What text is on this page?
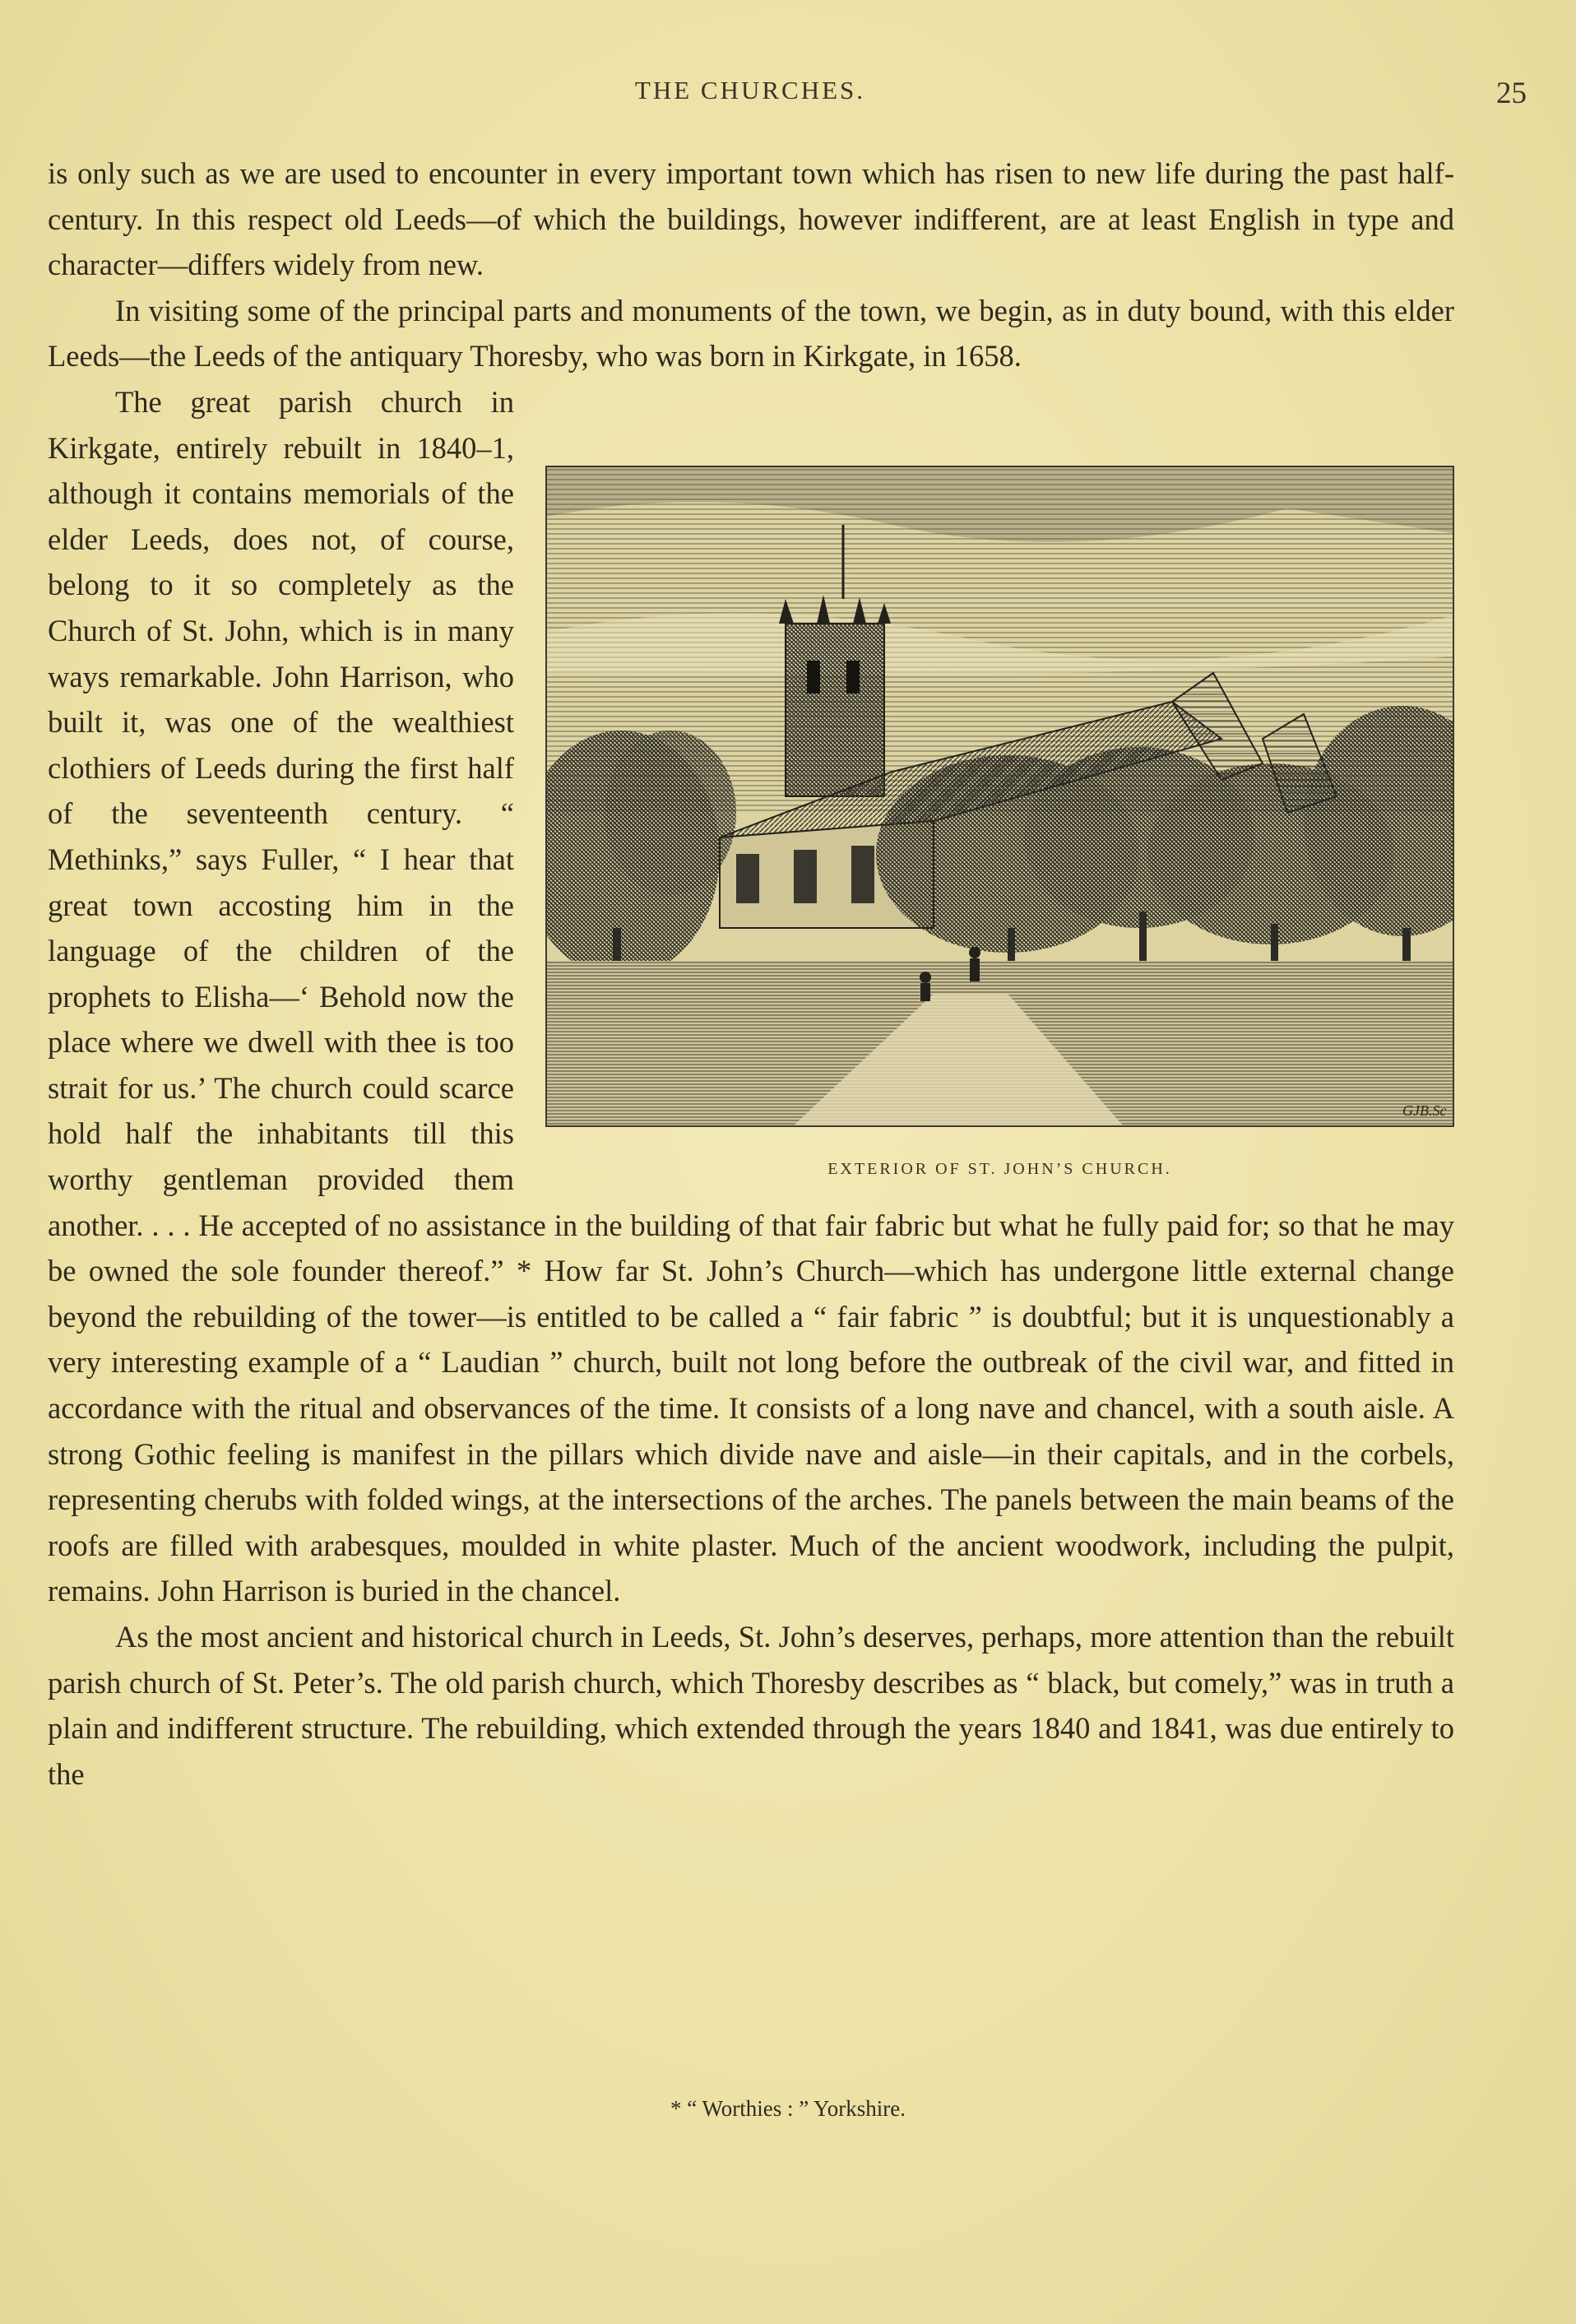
THE CHURCHES.	25

is only such as we are used to encounter in every important town which has risen to new life during the past half-century. In this respect old Leeds—of which the buildings, however indifferent, are at least English in type and character—differs widely from new.

In visiting some of the principal parts and monuments of the town, we begin, as in duty bound, with this elder Leeds—the Leeds of the antiquary Thoresby, who was born in Kirkgate, in 1658.

GJB.Sc
EXTERIOR OF ST. JOHN’S CHURCH.

The great parish church in Kirkgate, entirely rebuilt in 1840–1, although it contains memorials of the elder Leeds, does not, of course, belong to it so completely as the Church of St. John, which is in many ways remarkable. John Harrison, who built it, was one of the wealthiest clothiers of Leeds during the first half of the seventeenth century. “ Methinks,” says Fuller, “ I hear that great town accosting him in the language of the children of the prophets to Elisha—‘ Behold now the place where we dwell with thee is too strait for us.’ The church could scarce hold half the inhabitants till this worthy gentleman provided them another. . . . He accepted of no assistance in the building of that fair fabric but what he fully paid for; so that he may be owned the sole founder thereof.” * How far St. John’s Church—which has undergone little external change beyond the rebuilding of the tower—is entitled to be called a “ fair fabric ” is doubtful; but it is unquestionably a very interesting example of a “ Laudian ” church, built not long before the outbreak of the civil war, and fitted in accordance with the ritual and observances of the time. It consists of a long nave and chancel, with a south aisle. A strong Gothic feeling is manifest in the pillars which divide nave and aisle—in their capitals, and in the corbels, representing cherubs with folded wings, at the intersections of the arches. The panels between the main beams of the roofs are filled with arabesques, moulded in white plaster. Much of the ancient woodwork, including the pulpit, remains. John Harrison is buried in the chancel.

As the most ancient and historical church in Leeds, St. John’s deserves, perhaps, more attention than the rebuilt parish church of St. Peter’s. The old parish church, which Thoresby describes as “ black, but comely,” was in truth a plain and indifferent structure. The rebuilding, which extended through the years 1840 and 1841, was due entirely to the

* “ Worthies : ” Yorkshire.
